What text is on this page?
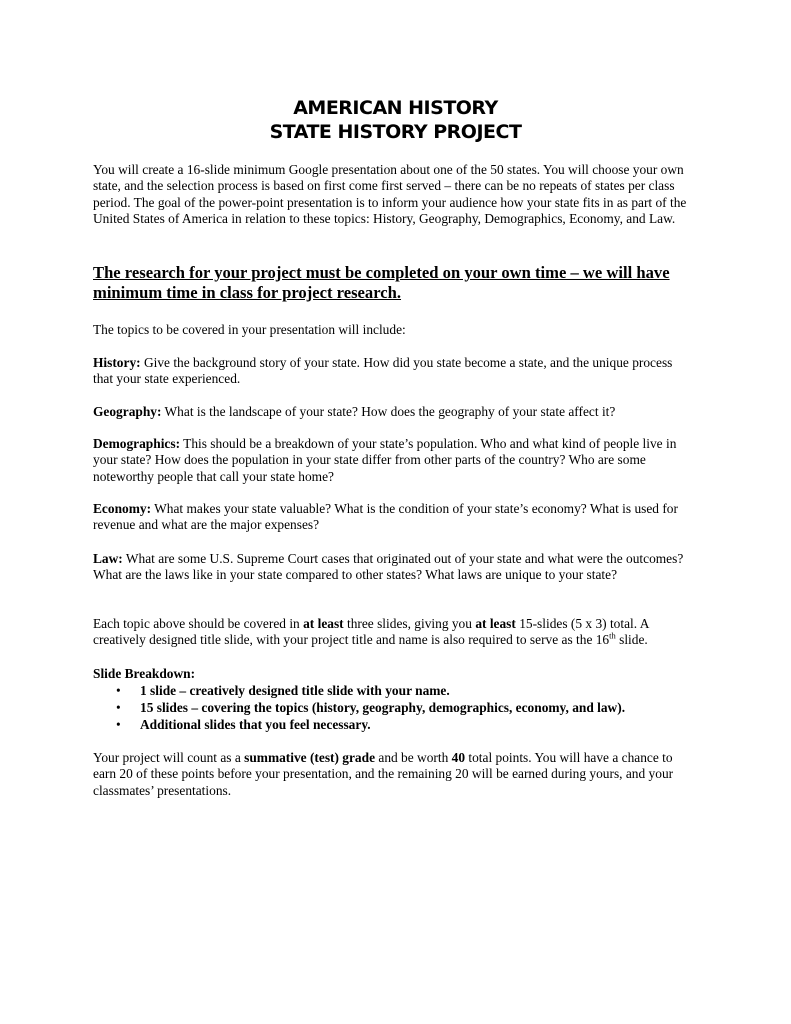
AMERICAN HISTORY
STATE HISTORY PROJECT
You will create a 16-slide minimum Google presentation about one of the 50 states. You will choose your own state, and the selection process is based on first come first served – there can be no repeats of states per class period. The goal of the power-point presentation is to inform your audience how your state fits in as part of the United States of America in relation to these topics: History, Geography, Demographics, Economy, and Law.
The research for your project must be completed on your own time – we will have minimum time in class for project research.
The topics to be covered in your presentation will include:
History: Give the background story of your state. How did you state become a state, and the unique process that your state experienced.
Geography: What is the landscape of your state? How does the geography of your state affect it?
Demographics: This should be a breakdown of your state’s population. Who and what kind of people live in your state? How does the population in your state differ from other parts of the country? Who are some noteworthy people that call your state home?
Economy: What makes your state valuable? What is the condition of your state’s economy? What is used for revenue and what are the major expenses?
Law: What are some U.S. Supreme Court cases that originated out of your state and what were the outcomes? What are the laws like in your state compared to other states? What laws are unique to your state?
Each topic above should be covered in at least three slides, giving you at least 15-slides (5 x 3) total. A creatively designed title slide, with your project title and name is also required to serve as the 16th slide.
Slide Breakdown:
• 1 slide – creatively designed title slide with your name.
• 15 slides – covering the topics (history, geography, demographics, economy, and law).
• Additional slides that you feel necessary.
Your project will count as a summative (test) grade and be worth 40 total points. You will have a chance to earn 20 of these points before your presentation, and the remaining 20 will be earned during yours, and your classmates’ presentations.
